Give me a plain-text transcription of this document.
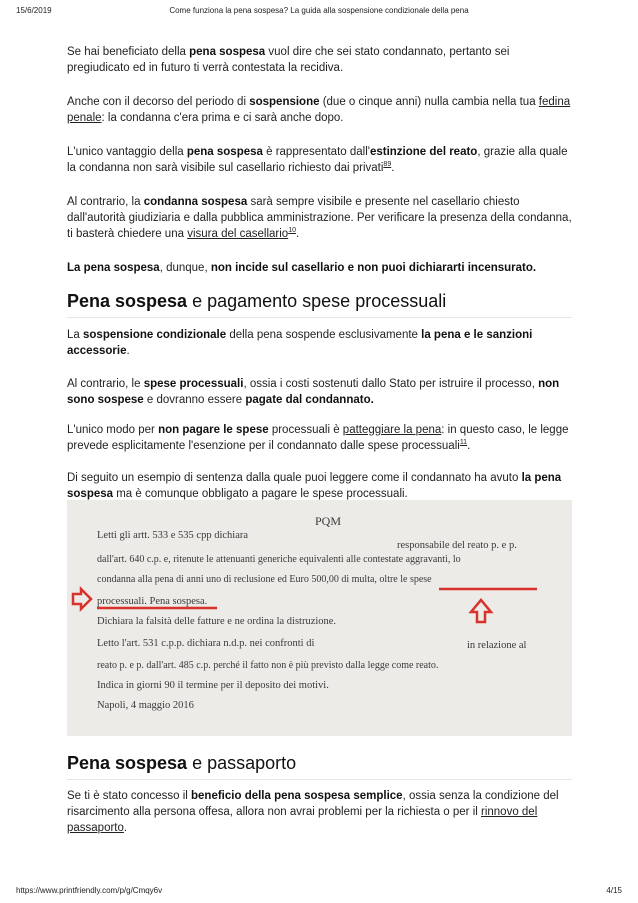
15/6/2019	Come funziona la pena sospesa? La guida alla sospensione condizionale della pena

Se hai beneficiato della pena sospesa vuol dire che sei stato condannato, pertanto sei pregiudicato ed in futuro ti verrà contestata la recidiva.

Anche con il decorso del periodo di sospensione (due o cinque anni) nulla cambia nella tua fedina penale: la condanna c'era prima e ci sarà anche dopo.

L'unico vantaggio della pena sospesa è rappresentato dall'estinzione del reato, grazie alla quale la condanna non sarà visibile sul casellario richiesto dai privati$^{89}$.

Al contrario, la condanna sospesa sarà sempre visibile e presente nel casellario chiesto dall'autorità giudiziaria e dalla pubblica amministrazione. Per verificare la presenza della condanna, ti basterà chiedere una visura del casellario$^{10}$.

La pena sospesa, dunque, non incide sul casellario e non puoi dichiararti incensurato.

Pena sospesa e pagamento spese processuali

La sospensione condizionale della pena sospende esclusivamente la pena e le sanzioni accessorie.

Al contrario, le spese processuali, ossia i costi sostenuti dallo Stato per istruire il processo, non sono sospese e dovranno essere pagate dal condannato.

L'unico modo per non pagare le spese processuali è patteggiare la pena: in questo caso, le legge prevede esplicitamente l'esenzione per il condannato dalle spese processuali$^{11}$.

Di seguito un esempio di sentenza dalla quale puoi leggere come il condannato ha avuto la pena sospesa ma è comunque obbligato a pagare le spese processuali.

PQM
Letti gli artt. 533 e 535 cpp dichiara
responsabile del reato p. e p.
dall'art. 640 c.p. e, ritenute le attenuanti generiche equivalenti alle contestate aggravanti, lo
condanna alla pena di anni uno di reclusione ed Euro 500,00 di multa, oltre le spese
processuali. Pena sospesa.
Dichiara la falsità delle fatture e ne ordina la distruzione.
Letto l'art. 531 c.p.p. dichiara n.d.p. nei confronti di	in relazione al
reato p. e p. dall'art. 485 c.p. perché il fatto non è più previsto dalla legge come reato.
Indica in giorni 90 il termine per il deposito dei motivi.
Napoli, 4 maggio 2016
Pena sospesa e passaporto

Se ti è stato concesso il beneficio della pena sospesa semplice, ossia senza la condizione del risarcimento alla persona offesa, allora non avrai problemi per la richiesta o per il rinnovo del passaporto.

https://www.printfriendly.com/p/g/Cmqy6v	4/15
